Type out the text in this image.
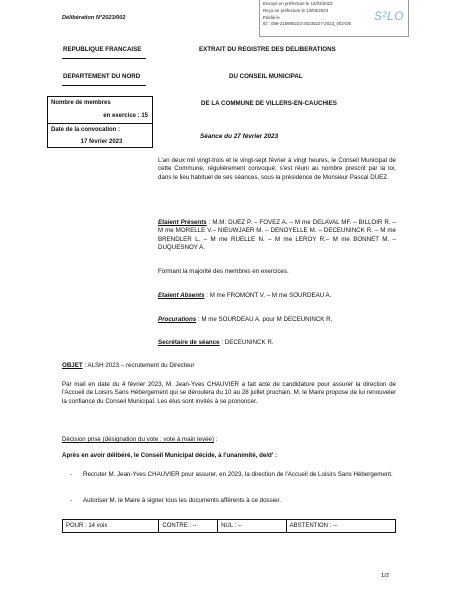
Envoyé en préfecture le 13/03/2023
Reçu en préfecture le 13/03/2023
Publié le
ID : 059-215906223-20230227-2023_002-DE
S²LO
Délibération N°2023/002
REPUBLIQUE FRANCAISE
DEPARTEMENT DU NORD
EXTRAIT DU REGISTRE DES DELIBERATIONS
DU CONSEIL MUNICIPAL
DE LA COMMUNE DE VILLERS-EN-CAUCHIES
Nombre de membres
en exercice : 15
Date de la convocation :
17 février 2023
Séance du 27 février 2023
L'an deux mil vingt-trois et le vingt-sept février à vingt heures, le Conseil Municipal de cette Commune, régulièrement convoqué, s'est réuni au nombre prescrit par la loi, dans le lieu habituel de ses séances, sous la présidence de Monsieur Pascal DUEZ.
Etaient Présents : M.M. DUEZ P. – FOVEZ A. – M me DELAVAL MF. – BILLOIR R. – M me MORELLE V.– NIEUWJAER M. – DENOYELLE M. – DECEUNINCK R. – M me BRENDLER L. – M me RUELLE N. – M me LEROY R.– M me BONNET M. – DUQUESNOY A.
Formant la majorité des membres en exercices.
Etaient Absents : M me FROMONT V. – M me SOURDEAU A.
Procurations : M me SOURDEAU A. pour M DECEUNINCK R.
Secrétaire de séance : DECEUNINCK R.
OBJET : ALSH 2023 – recrutement du Directeur
Par mail en date du 4 février 2023, M. Jean-Yves CHAUVIER a fait acte de candidature pour assurer la direction de l'Accueil de Loisirs Sans Hébergement qui se déroulera du 10 au 28 juillet prochain. M. le Maire propose de lui renouveler la confiance du Conseil Municipal. Les élus sont invités à se prononcer.
Décision prise (désignation du vote : vote à main levée) :
Après en avoir délibéré, le Conseil Municipal décide, à l'unanimité, de/d' :
-	Recruter M. Jean-Yves CHAUVIER pour assurer, en 2023, la direction de l'Accueil de Loisirs Sans Hébergement.
-	Autoriser M. le Maire à signer tous les documents afférents à ce dossier.
POUR : 14 voix	CONTRE : --	NUL : --	ABSTENTION : --
1/2
